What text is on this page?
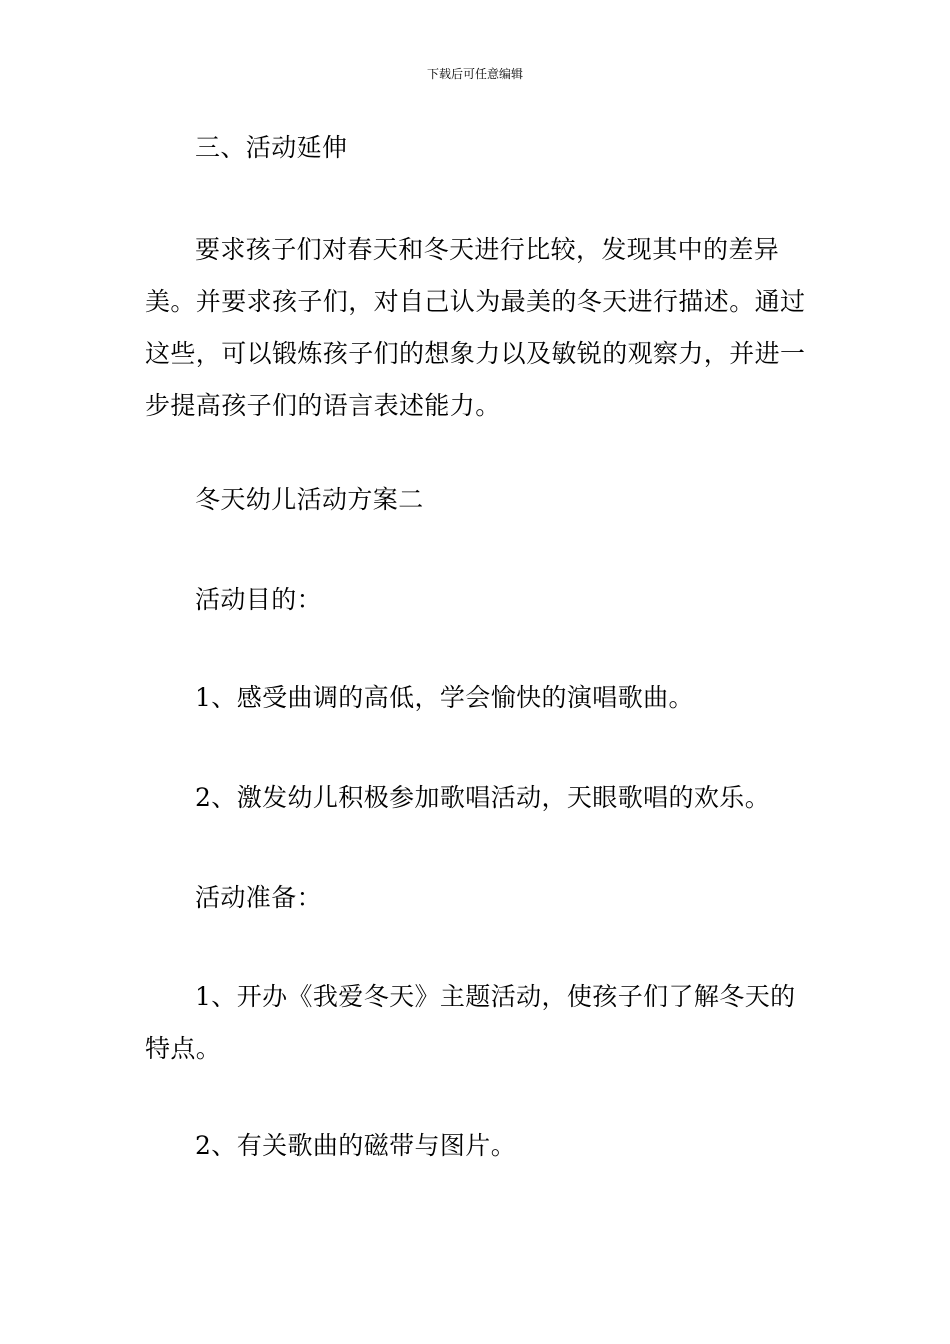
下载后可任意编辑

三、活动延伸

要求孩子们对春天和冬天进行比较，发现其中的差异美。并要求孩子们，对自己认为最美的冬天进行描述。通过这些，可以锻炼孩子们的想象力以及敏锐的观察力，并进一步提高孩子们的语言表述能力。

冬天幼儿活动方案二

活动目的：

1、感受曲调的高低，学会愉快的演唱歌曲。

2、激发幼儿积极参加歌唱活动，天眼歌唱的欢乐。

活动准备：

1、开办《我爱冬天》主题活动，使孩子们了解冬天的特点。

2、有关歌曲的磁带与图片。
